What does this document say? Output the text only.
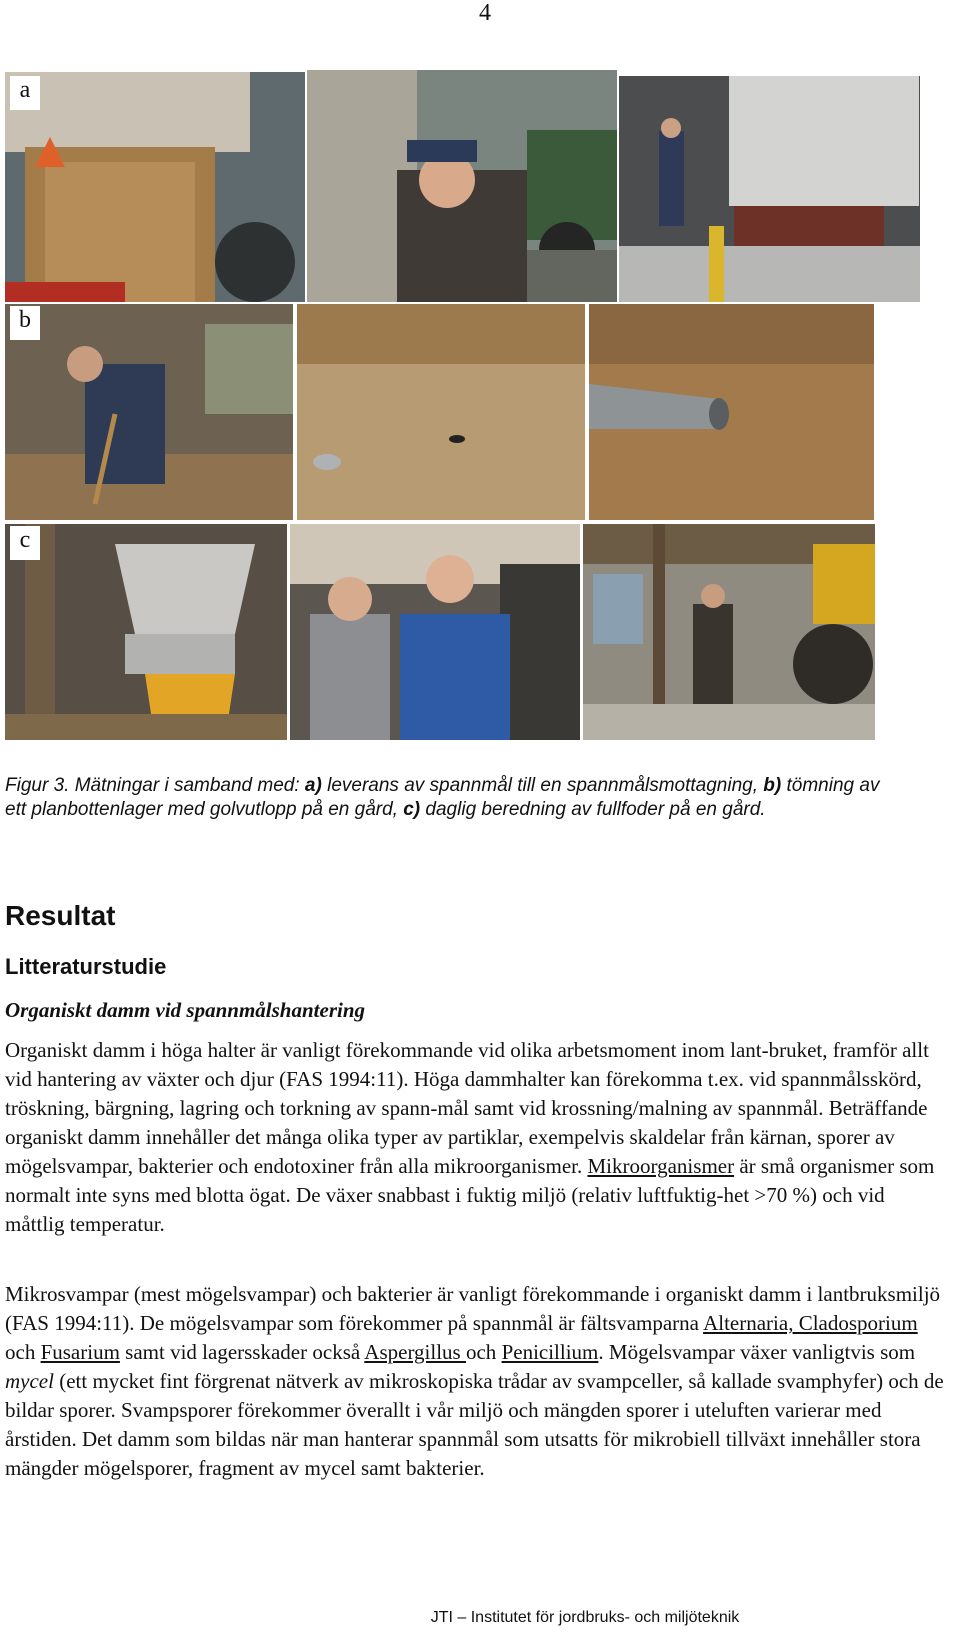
4
a
b
c
Figur 3. Mätningar i samband med: a) leverans av spannmål till en spannmålsmottagning, b) tömning av ett planbottenlager med golvutlopp på en gård, c) daglig beredning av fullfoder på en gård.
Resultat
Litteraturstudie
Organiskt damm vid spannmålshantering
Organiskt damm i höga halter är vanligt förekommande vid olika arbetsmoment inom lant-bruket, framför allt vid hantering av växter och djur (FAS 1994:11). Höga dammhalter kan förekomma t.ex. vid spannmålsskörd, tröskning, bärgning, lagring och torkning av spann-mål samt vid krossning/malning av spannmål. Beträffande organiskt damm innehåller det många olika typer av partiklar, exempelvis skaldelar från kärnan, sporer av mögelsvampar, bakterier och endotoxiner från alla mikroorganismer. Mikroorganismer är små organismer som normalt inte syns med blotta ögat. De växer snabbast i fuktig miljö (relativ luftfuktig-het >70 %) och vid måttlig temperatur.
Mikrosvampar (mest mögelsvampar) och bakterier är vanligt förekommande i organiskt damm i lantbruksmiljö (FAS 1994:11). De mögelsvampar som förekommer på spannmål är fältsvamparna Alternaria, Cladosporium och Fusarium samt vid lagersskader också Aspergillus och Penicillium. Mögelsvampar växer vanligtvis som mycel (ett mycket fint förgrenat nätverk av mikroskopiska trådar av svampceller, så kallade svamphyfer) och de bildar sporer. Svampsporer förekommer överallt i vår miljö och mängden sporer i uteluften varierar med årstiden. Det damm som bildas när man hanterar spannmål som utsatts för mikrobiell tillväxt innehåller stora mängder mögelsporer, fragment av mycel samt bakterier.
JTI – Institutet för jordbruks- och miljöteknik
